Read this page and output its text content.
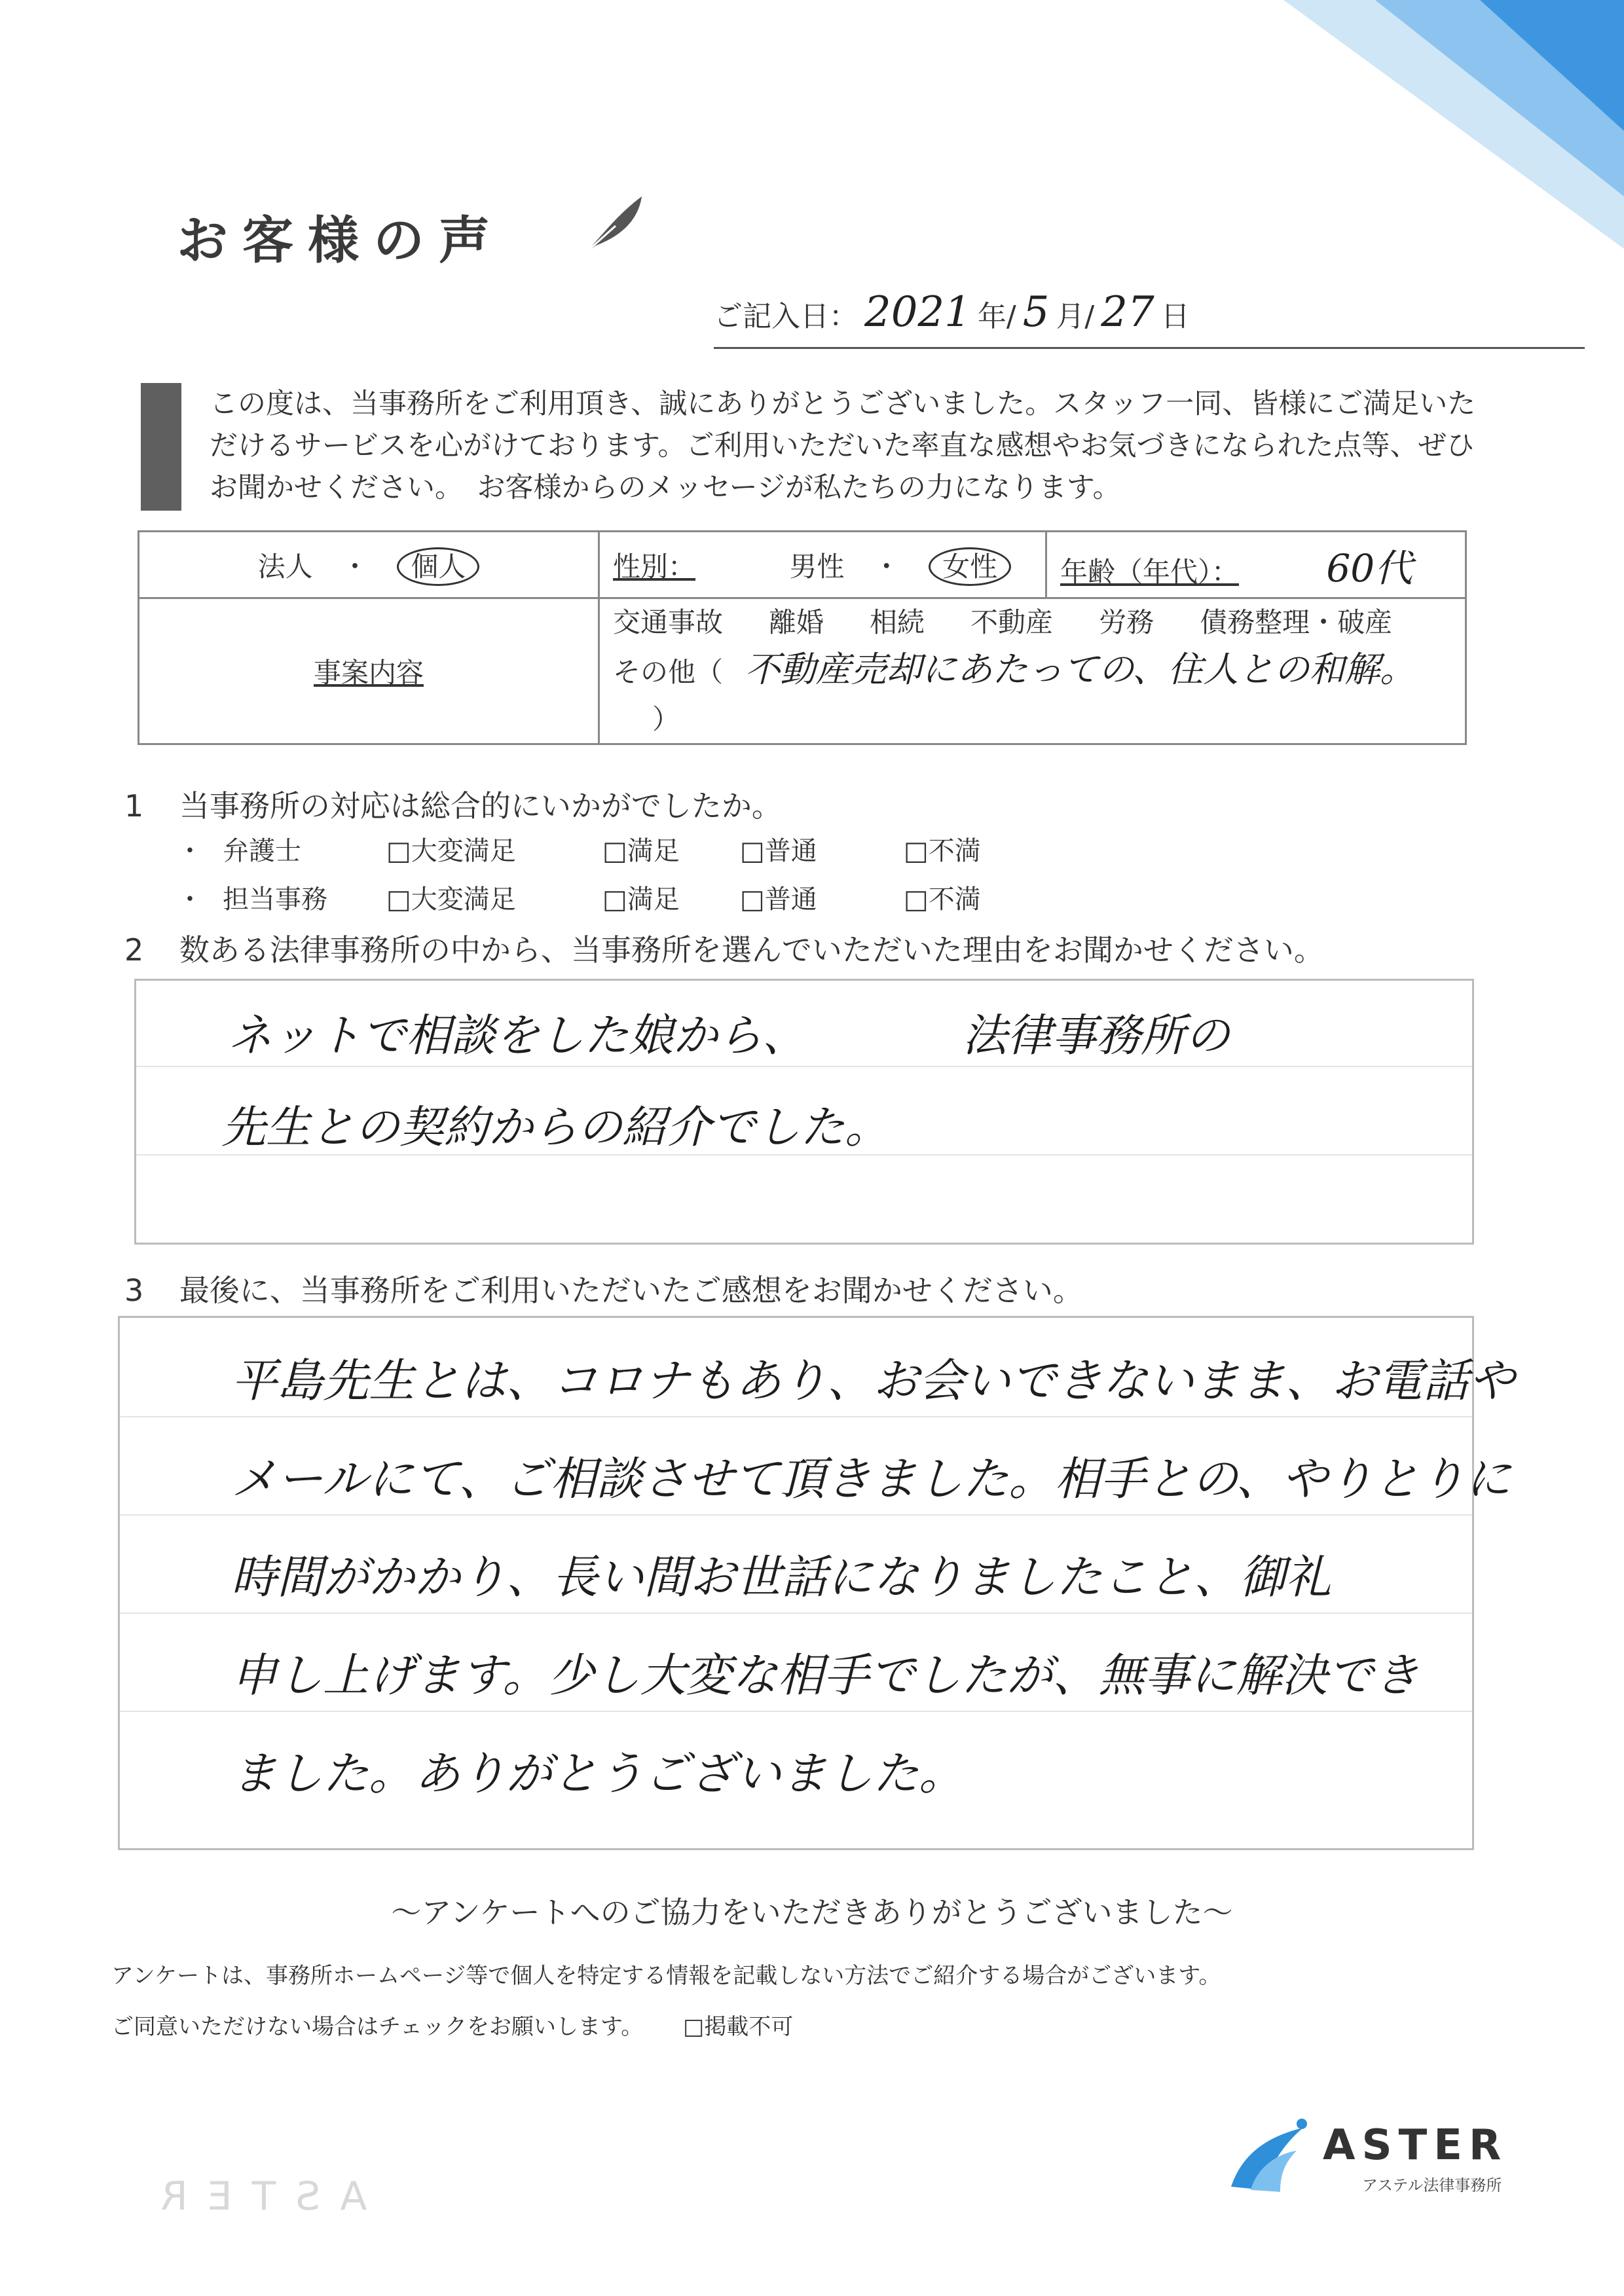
お客様の声
ご記入日： 2021 年/ 5 月/ 27 日
この度は、当事務所をご利用頂き、誠にありがとうございました。スタッフ一同、皆様にご満足いた
だけるサービスを心がけております。ご利用いただいた率直な感想やお気づきになられた点等、ぜひ
お聞かせください。　お客様からのメッセージが私たちの力になります。
法人 ・ 個人	性別： 男性 ・ 女性	年齢（年代）： 60代
事案内容	交通事故 離婚 相続 不動産 労務 債務整理・破産
その他（ 不動産売却にあたっての、住人との和解。 ）	
1 当事務所の対応は総合的にいかがでしたか。
・ 弁護士	□大変満足	□満足	□普通	□不満
・ 担当事務	□大変満足	□満足	□普通	□不満
2 数ある法律事務所の中から、当事務所を選んでいただいた理由をお聞かせください。
ネットで相談をした娘から、　　　　法律事務所の
先生との契約からの紹介でした。
3 最後に、当事務所をご利用いただいたご感想をお聞かせください。
平島先生とは、コロナもあり、お会いできないまま、お電話や
メールにて、ご相談させて頂きました。相手との、やりとりに
時間がかかり、長い間お世話になりましたこと、御礼
申し上げます。少し大変な相手でしたが、無事に解決でき
ました。ありがとうございました。
～アンケートへのご協力をいただきありがとうございました～
アンケートは、事務所ホームページ等で個人を特定する情報を記載しない方法でご紹介する場合がございます。
ご同意いただけない場合はチェックをお願いします。 □掲載不可
ASTER
ASTER
アステル法律事務所
